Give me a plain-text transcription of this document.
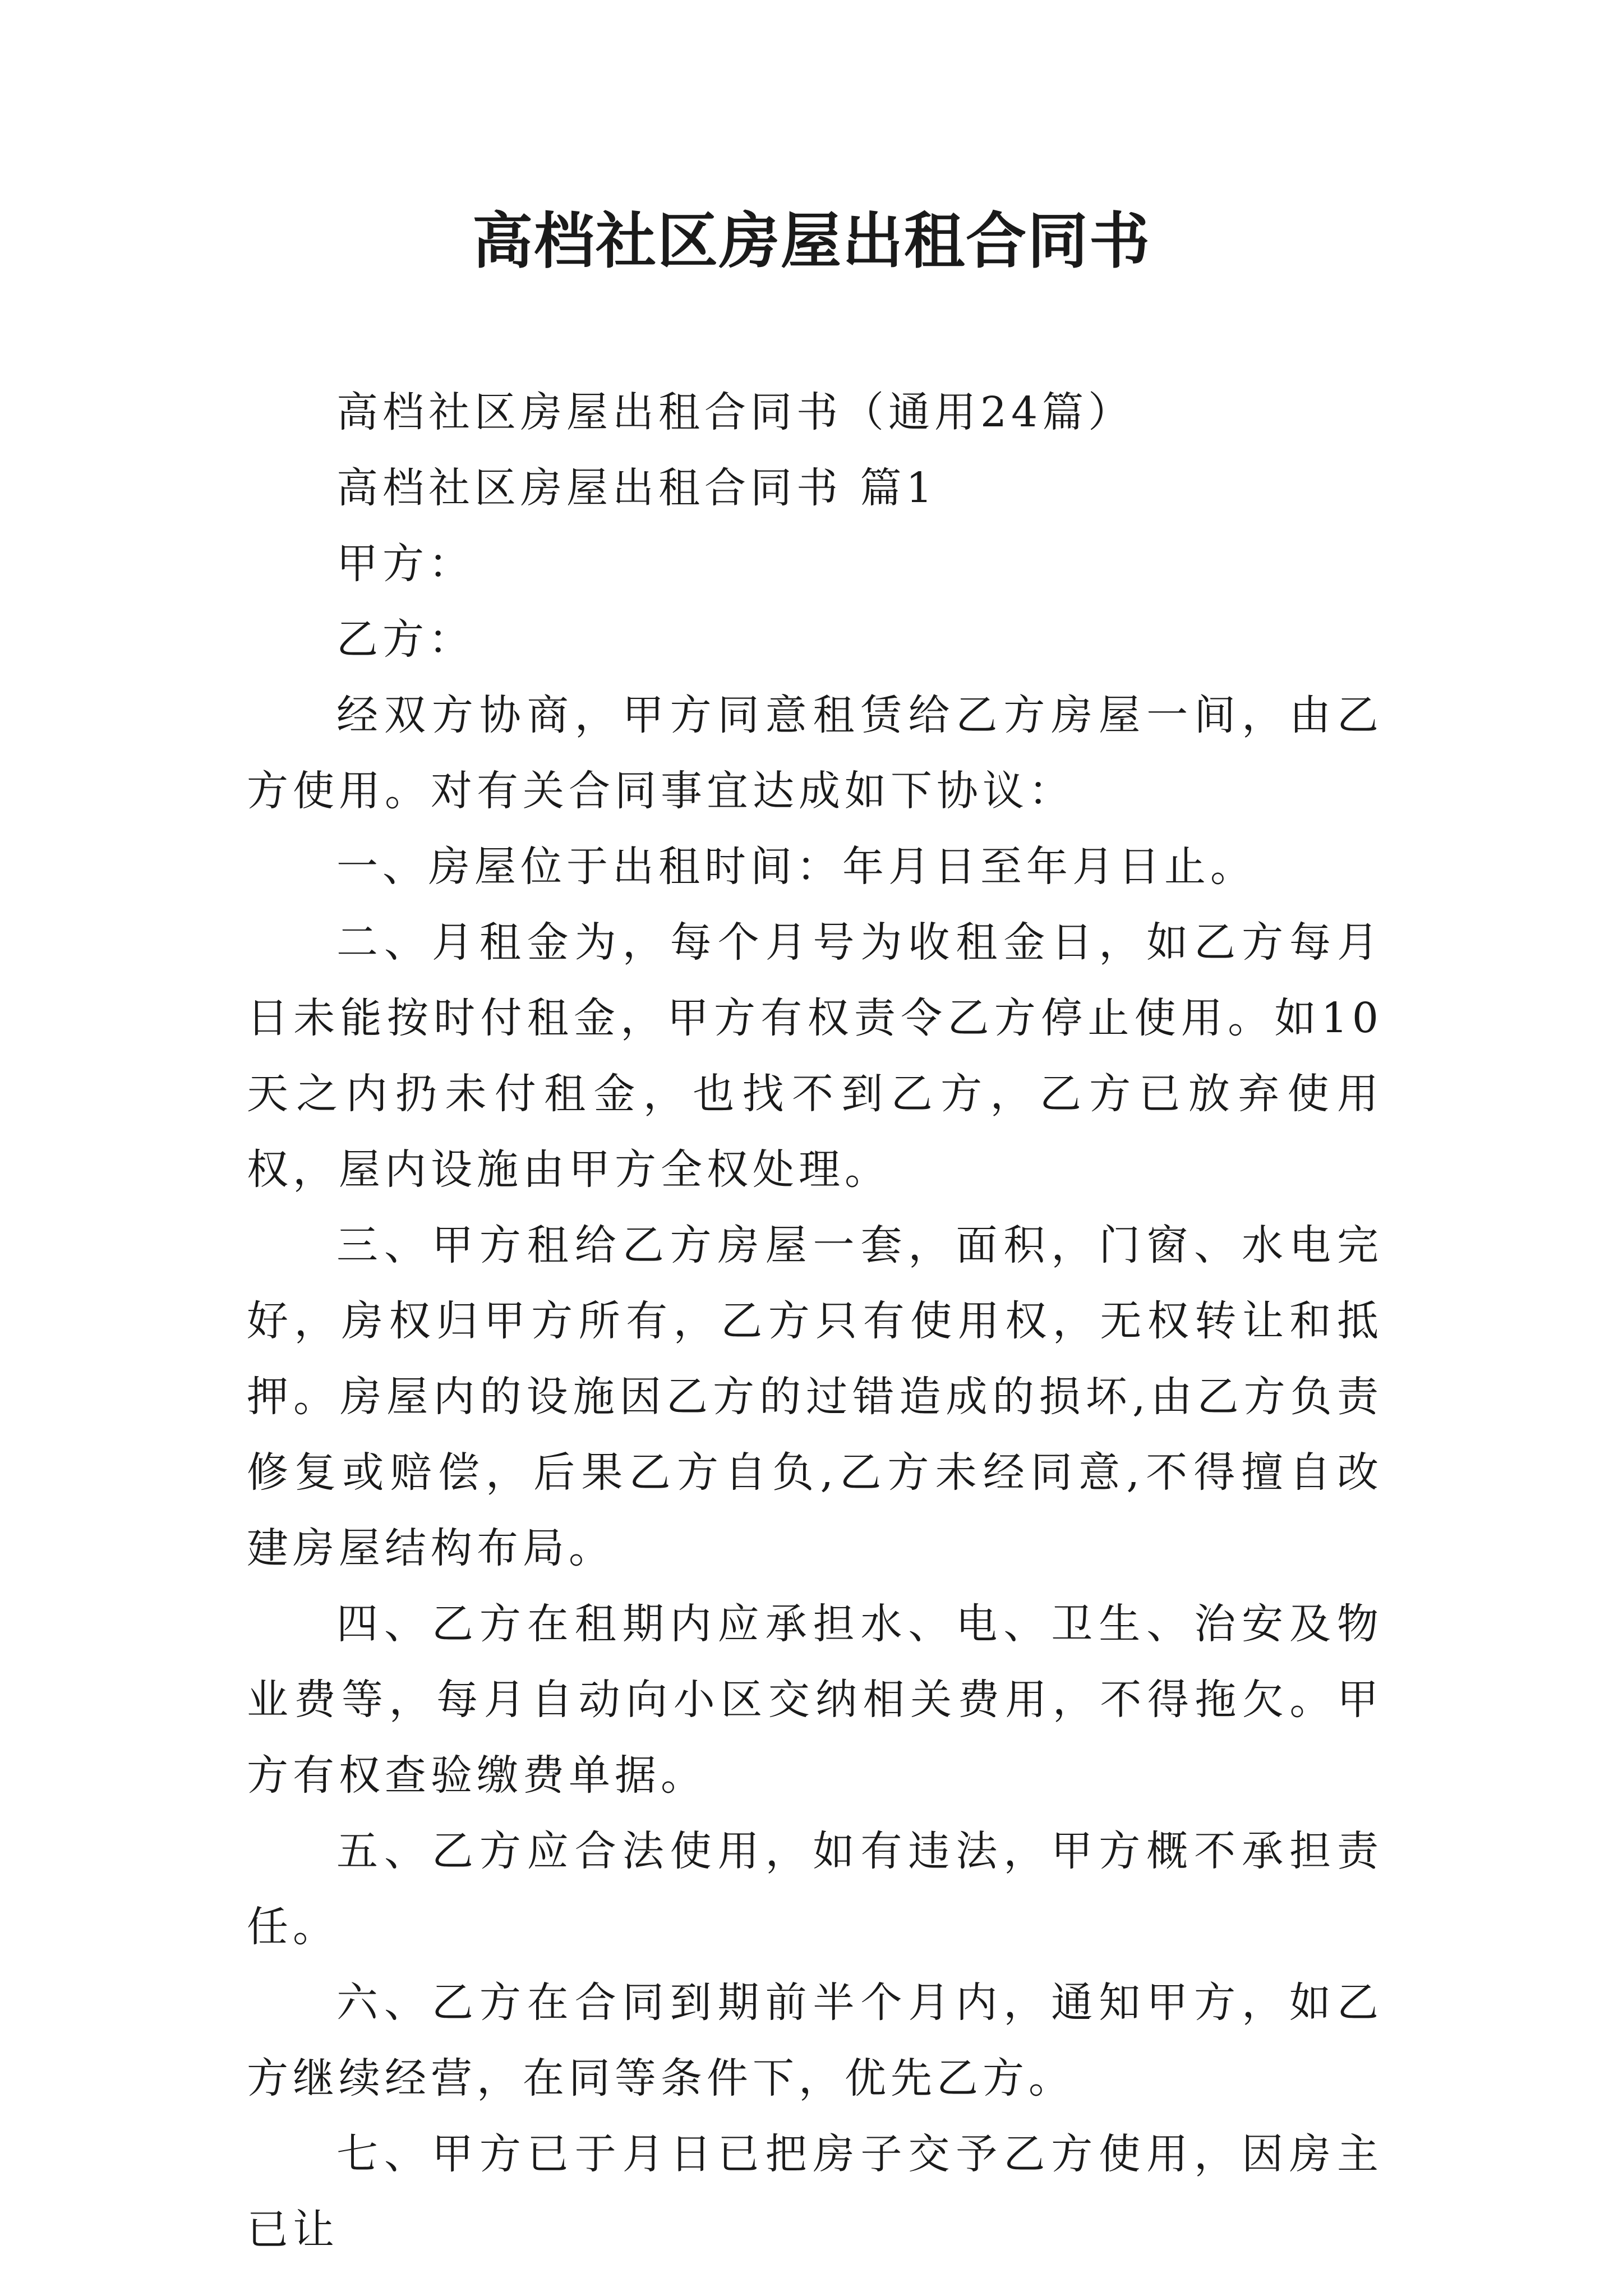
高档社区房屋出租合同书

高档社区房屋出租合同书（通用24篇）

高档社区房屋出租合同书 篇1

甲方：

乙方：

经双方协商，甲方同意租赁给乙方房屋一间，由乙方使用。对有关合同事宜达成如下协议：

一、房屋位于出租时间：年月日至年月日止。

二、月租金为，每个月号为收租金日，如乙方每月日未能按时付租金，甲方有权责令乙方停止使用。如10天之内扔未付租金，也找不到乙方，乙方已放弃使用权，屋内设施由甲方全权处理。

三、甲方租给乙方房屋一套，面积，门窗、水电完好，房权归甲方所有，乙方只有使用权，无权转让和抵押。房屋内的设施因乙方的过错造成的损坏,由乙方负责修复或赔偿，后果乙方自负,乙方未经同意,不得擅自改建房屋结构布局。

四、乙方在租期内应承担水、电、卫生、治安及物业费等，每月自动向小区交纳相关费用，不得拖欠。甲方有权查验缴费单据。

五、乙方应合法使用，如有违法，甲方概不承担责任。

六、乙方在合同到期前半个月内，通知甲方，如乙方继续经营，在同等条件下，优先乙方。

七、甲方已于月日已把房子交予乙方使用，因房主已让
